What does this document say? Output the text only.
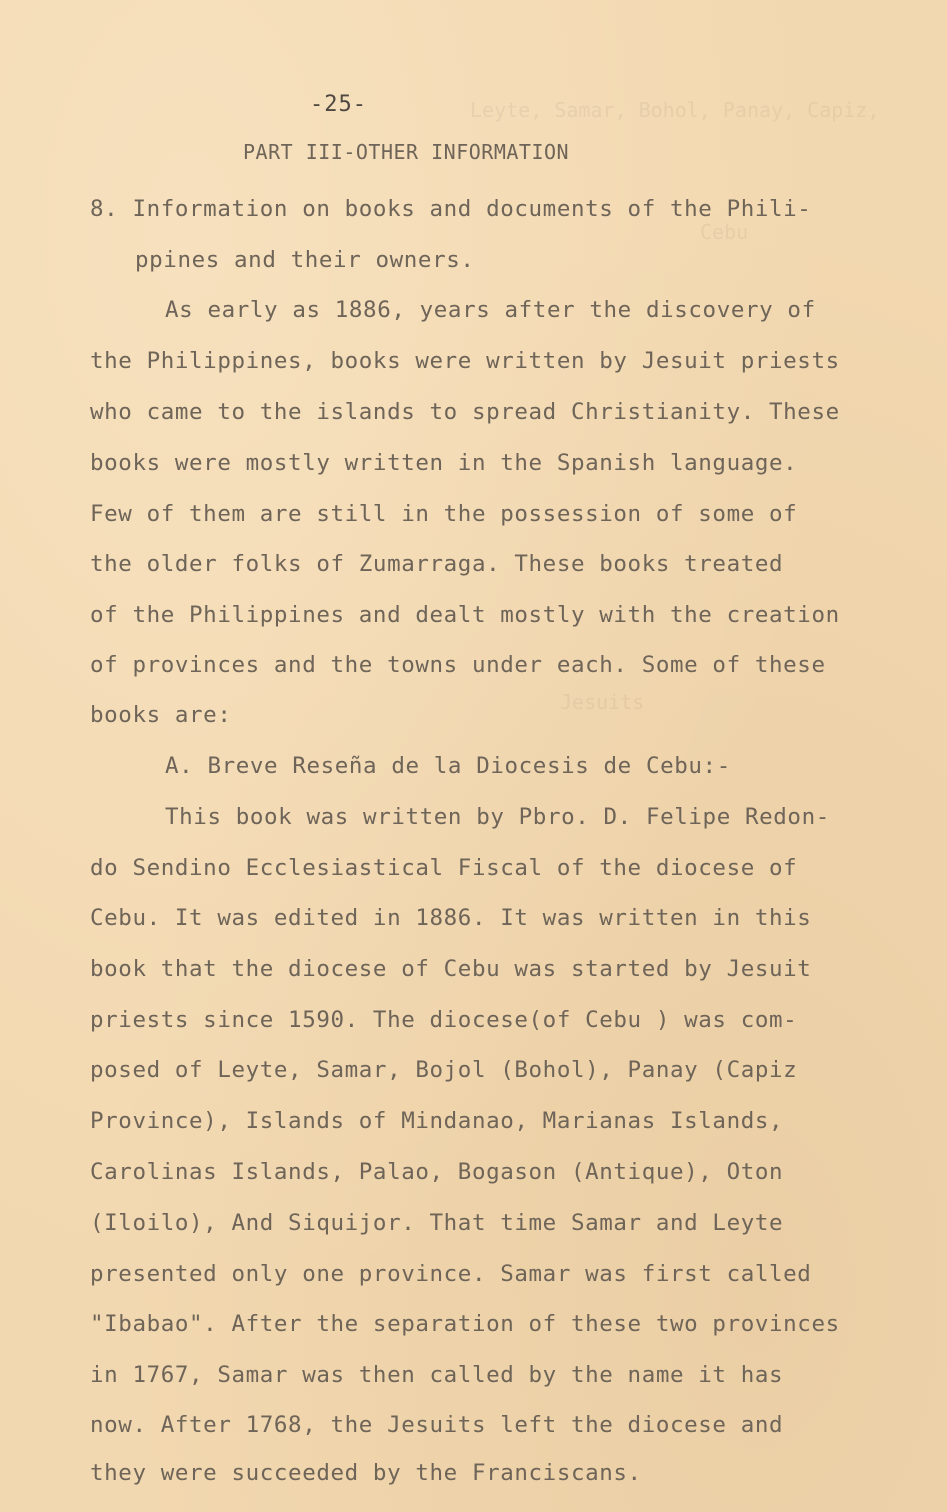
Leyte, Samar, Bohol, Panay, Capiz,
Cebu
Jesuits
-25-
PART III-OTHER INFORMATION
8. Information on books and documents of the Phili-
ppines and their owners.
As early as 1886, years after the discovery of
the Philippines, books were written by Jesuit priests
who came to the islands to spread Christianity. These
books were mostly written in the Spanish language.
Few of them are still in the possession of some of
the older folks of Zumarraga. These books treated
of the Philippines and dealt mostly with the creation
of provinces and the towns under each. Some of these
books are:
A. Breve Reseña de la Diocesis de Cebu:-
This book was written by Pbro. D. Felipe Redon-
do Sendino Ecclesiastical Fiscal of the diocese of
Cebu. It was edited in 1886. It was written in this
book that the diocese of Cebu was started by Jesuit
priests since 1590. The diocese(of Cebu ) was com-
posed of Leyte, Samar, Bojol (Bohol), Panay (Capiz
Province), Islands of Mindanao, Marianas Islands,
Carolinas Islands, Palao, Bogason (Antique), Oton
(Iloilo), And Siquijor. That time Samar and Leyte
presented only one province. Samar was first called
"Ibabao". After the separation of these two provinces
in 1767, Samar was then called by the name it has
now. After 1768, the Jesuits left the diocese and
they were succeeded by the Franciscans.
